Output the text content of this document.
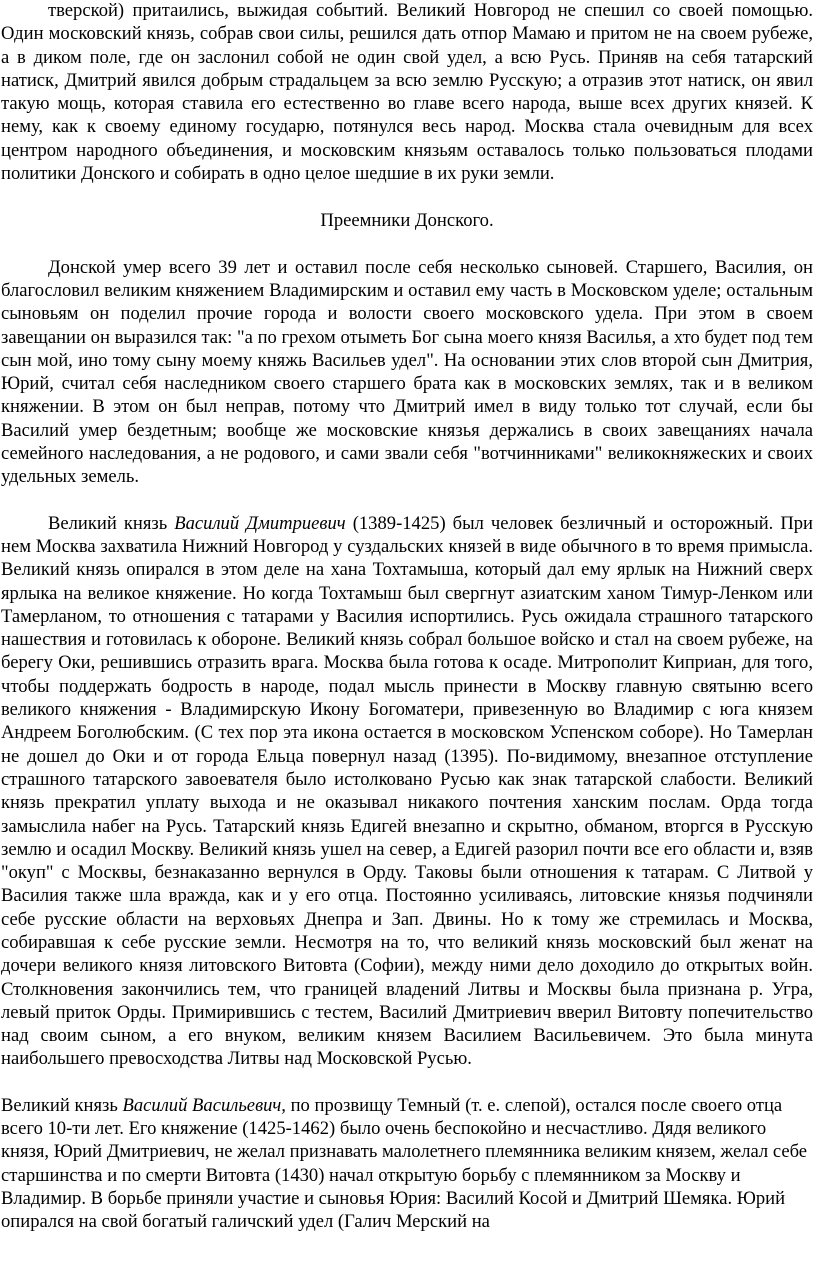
тверской) притаились, выжидая событий. Великий Новгород не спешил со своей помощью. Один московский князь, собрав свои силы, решился дать отпор Мамаю и притом не на своем рубеже, а в диком поле, где он заслонил собой не один свой удел, а всю Русь. Приняв на себя татарский натиск, Дмитрий явился добрым страдальцем за всю землю Русскую; а отразив этот натиск, он явил такую мощь, которая ставила его естественно во главе всего народа, выше всех других князей. К нему, как к своему единому государю, потянулся весь народ. Москва стала очевидным для всех центром народного объединения, и московским князьям оставалось только пользоваться плодами политики Донского и собирать в одно целое шедшие в их руки земли.

Преемники Донского.

Донской умер всего 39 лет и оставил после себя несколько сыновей. Старшего, Василия, он благословил великим княжением Владимирским и оставил ему часть в Московском уделе; остальным сыновьям он поделил прочие города и волости своего московского удела. При этом в своем завещании он выразился так: "а по грехом отыметь Бог сына моего князя Василья, а хто будет под тем сын мой, ино тому сыну моему княжь Васильев удел". На основании этих слов второй сын Дмитрия, Юрий, считал себя наследником своего старшего брата как в московских землях, так и в великом княжении. В этом он был неправ, потому что Дмитрий имел в виду только тот случай, если бы Василий умер бездетным; вообще же московские князья держались в своих завещаниях начала семейного наследования, а не родового, и сами звали себя "вотчинниками" великокняжеских и своих удельных земель.

Великий князь Василий Дмитриевич (1389-1425) был человек безличный и осторожный. При нем Москва захватила Нижний Новгород у суздальских князей в виде обычного в то время примысла. Великий князь опирался в этом деле на хана Тохтамыша, который дал ему ярлык на Нижний сверх ярлыка на великое княжение. Но когда Тохтамыш был свергнут азиатским ханом Тимур-Ленком или Тамерланом, то отношения с татарами у Василия испортились. Русь ожидала страшного татарского нашествия и готовилась к обороне. Великий князь собрал большое войско и стал на своем рубеже, на берегу Оки, решившись отразить врага. Москва была готова к осаде. Митрополит Киприан, для того, чтобы поддержать бодрость в народе, подал мысль принести в Москву главную святыню всего великого княжения - Владимирскую Икону Богоматери, привезенную во Владимир с юга князем Андреем Боголюбским. (С тех пор эта икона остается в московском Успенском соборе). Но Тамерлан не дошел до Оки и от города Ельца повернул назад (1395). По-видимому, внезапное отступление страшного татарского завоевателя было истолковано Русью как знак татарской слабости. Великий князь прекратил уплату выхода и не оказывал никакого почтения ханским послам. Орда тогда замыслила набег на Русь. Татарский князь Едигей внезапно и скрытно, обманом, вторгся в Русскую землю и осадил Москву. Великий князь ушел на север, а Едигей разорил почти все его области и, взяв "окуп" с Москвы, безнаказанно вернулся в Орду. Таковы были отношения к татарам. С Литвой у Василия также шла вражда, как и у его отца. Постоянно усиливаясь, литовские князья подчиняли себе русские области на верховьях Днепра и Зап. Двины. Но к тому же стремилась и Москва, собиравшая к себе русские земли. Несмотря на то, что великий князь московский был женат на дочери великого князя литовского Витовта (Софии), между ними дело доходило до открытых войн. Столкновения закончились тем, что границей владений Литвы и Москвы была признана р. Угра, левый приток Орды. Примирившись с тестем, Василий Дмитриевич вверил Витовту попечительство над своим сыном, а его внуком, великим князем Василием Васильевичем. Это была минута наибольшего превосходства Литвы над Московской Русью.

Великий князь Василий Васильевич, по прозвищу Темный (т. е. слепой), остался после своего отца всего 10-ти лет. Его княжение (1425-1462) было очень беспокойно и несчастливо. Дядя великого князя, Юрий Дмитриевич, не желал признавать малолетнего племянника великим князем, желал себе старшинства и по смерти Витовта (1430) начал открытую борьбу с племянником за Москву и Владимир. В борьбе приняли участие и сыновья Юрия: Василий Косой и Дмитрий Шемяка. Юрий опирался на свой богатый галичский удел (Галич Мерский на
